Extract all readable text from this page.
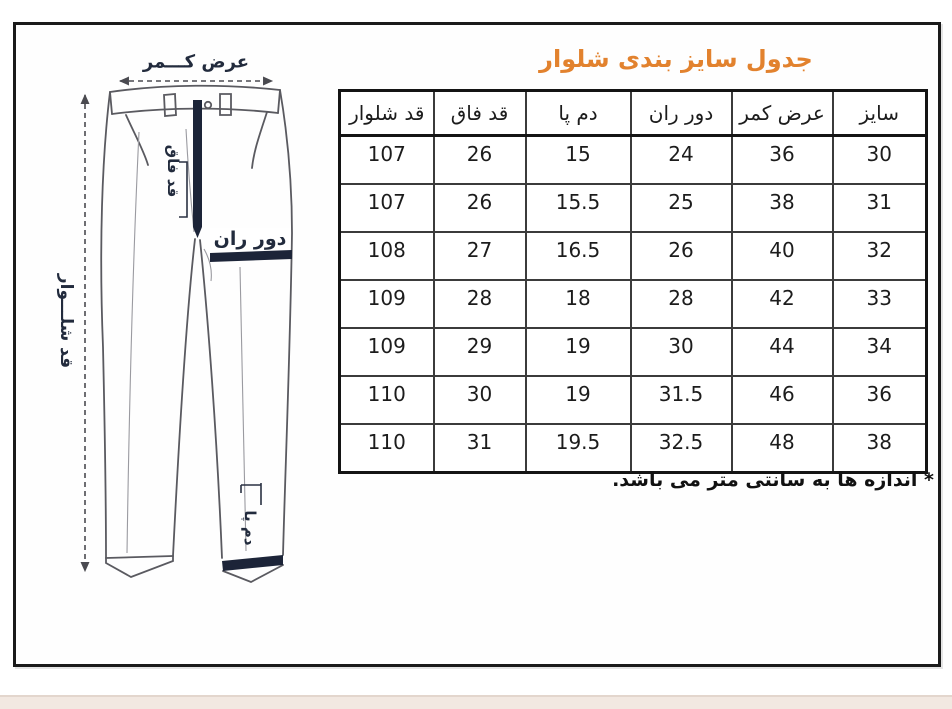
جدول سایز بندی شلوار
عرض کـــمر
قد فاق
دور ران
دم پا
قد شلـــوار
سایز	عرض کمر	دور ران	دم پا	قد فاق	قد شلوار
30	36	24	15	26	107
31	38	25	15.5	26	107
32	40	26	16.5	27	108
33	42	28	18	28	109
34	44	30	19	29	109
36	46	31.5	19	30	110
38	48	32.5	19.5	31	110
* اندازه ها به سانتی متر می باشد.
